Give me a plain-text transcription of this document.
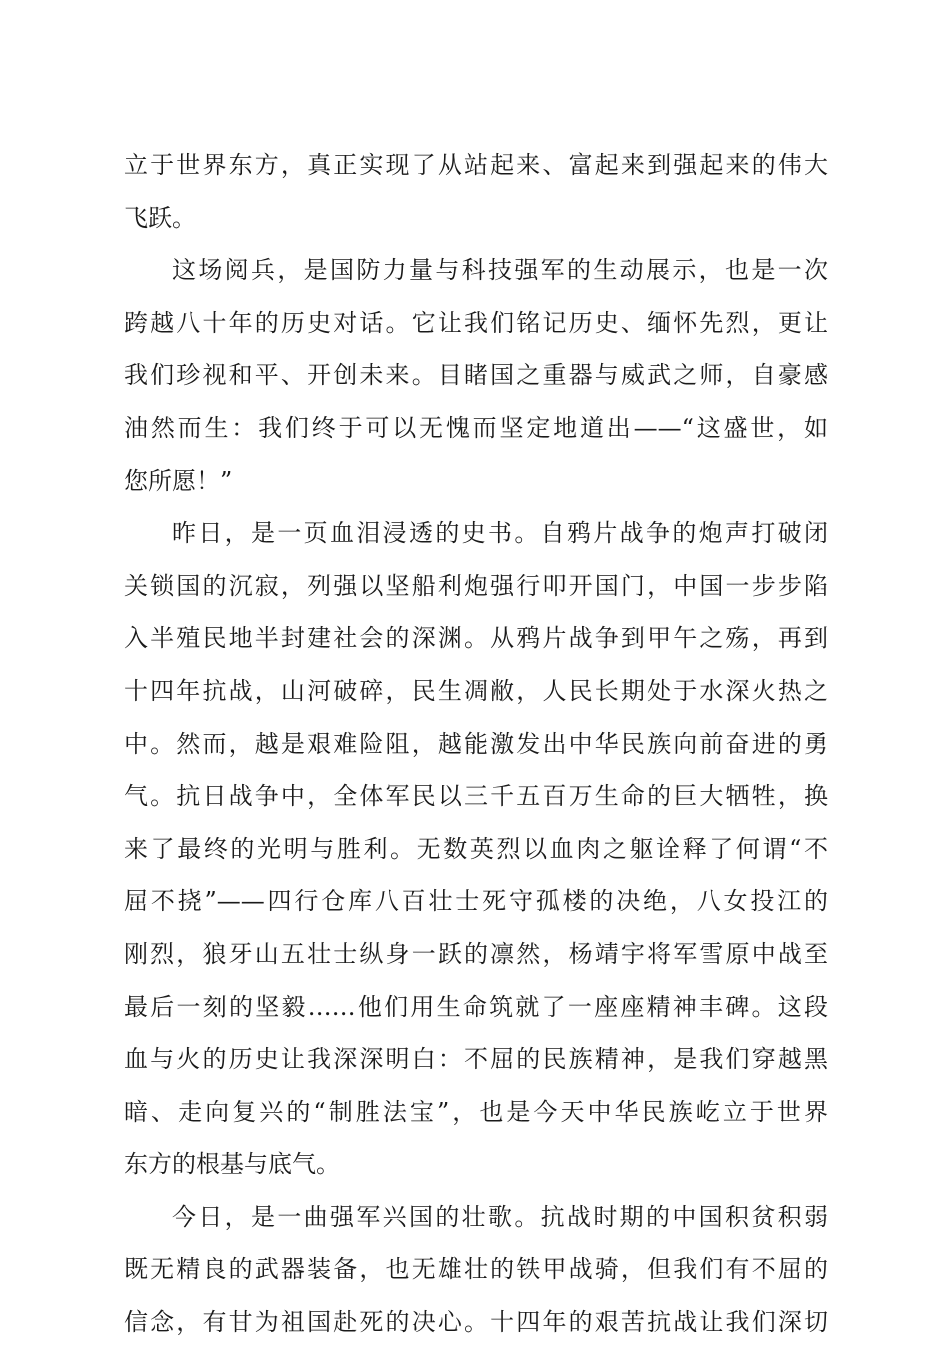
立于世界东方，真正实现了从站起来、富起来到强起来的伟大
飞跃。
这场阅兵，是国防力量与科技强军的生动展示，也是一次
跨越八十年的历史对话。它让我们铭记历史、缅怀先烈，更让
我们珍视和平、开创未来。目睹国之重器与威武之师，自豪感
油然而生：我们终于可以无愧而坚定地道出——“这盛世，如
您所愿！”
昨日，是一页血泪浸透的史书。自鸦片战争的炮声打破闭
关锁国的沉寂，列强以坚船利炮强行叩开国门，中国一步步陷
入半殖民地半封建社会的深渊。从鸦片战争到甲午之殇，再到
十四年抗战，山河破碎，民生凋敝，人民长期处于水深火热之
中。然而，越是艰难险阻，越能激发出中华民族向前奋进的勇
气。抗日战争中，全体军民以三千五百万生命的巨大牺牲，换
来了最终的光明与胜利。无数英烈以血肉之躯诠释了何谓“不
屈不挠”——四行仓库八百壮士死守孤楼的决绝，八女投江的
刚烈，狼牙山五壮士纵身一跃的凛然，杨靖宇将军雪原中战至
最后一刻的坚毅……他们用生命筑就了一座座精神丰碑。这段
血与火的历史让我深深明白：不屈的民族精神，是我们穿越黑
暗、走向复兴的“制胜法宝”，也是今天中华民族屹立于世界
东方的根基与底气。
今日，是一曲强军兴国的壮歌。抗战时期的中国积贫积弱
既无精良的武器装备，也无雄壮的铁甲战骑，但我们有不屈的
信念，有甘为祖国赴死的决心。十四年的艰苦抗战让我们深切
